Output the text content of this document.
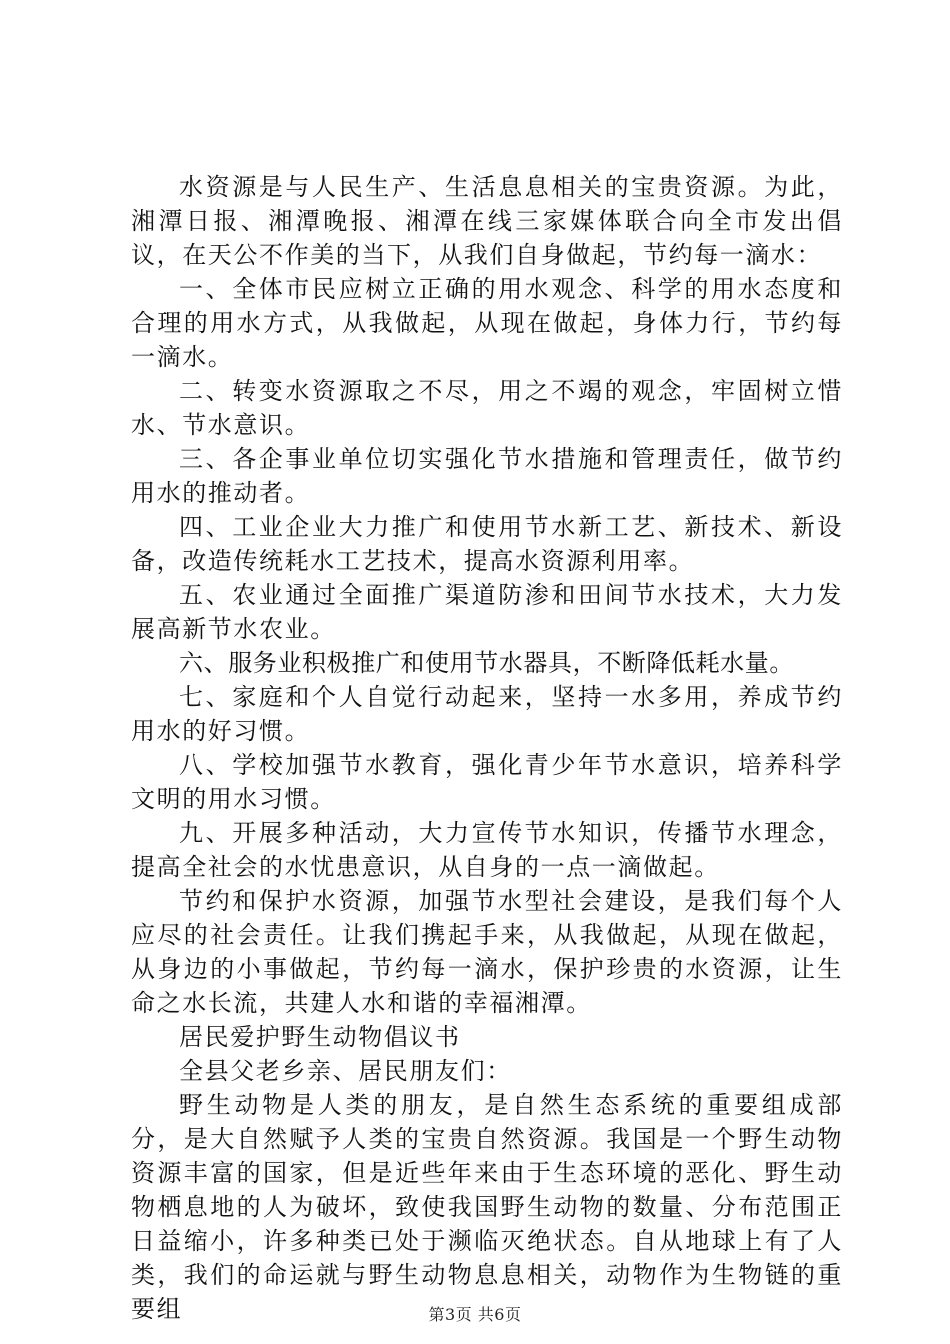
水资源是与人民生产、生活息息相关的宝贵资源。为此，湘潭日报、湘潭晚报、湘潭在线三家媒体联合向全市发出倡议，在天公不作美的当下，从我们自身做起，节约每一滴水：

一、全体市民应树立正确的用水观念、科学的用水态度和合理的用水方式，从我做起，从现在做起，身体力行，节约每一滴水。

二、转变水资源取之不尽，用之不竭的观念，牢固树立惜水、节水意识。

三、各企事业单位切实强化节水措施和管理责任，做节约用水的推动者。

四、工业企业大力推广和使用节水新工艺、新技术、新设备，改造传统耗水工艺技术，提高水资源利用率。

五、农业通过全面推广渠道防渗和田间节水技术，大力发展高新节水农业。

六、服务业积极推广和使用节水器具，不断降低耗水量。

七、家庭和个人自觉行动起来，坚持一水多用，养成节约用水的好习惯。

八、学校加强节水教育，强化青少年节水意识，培养科学文明的用水习惯。

九、开展多种活动，大力宣传节水知识，传播节水理念，提高全社会的水忧患意识，从自身的一点一滴做起。

节约和保护水资源，加强节水型社会建设，是我们每个人应尽的社会责任。让我们携起手来，从我做起，从现在做起，从身边的小事做起，节约每一滴水，保护珍贵的水资源，让生命之水长流，共建人水和谐的幸福湘潭。

居民爱护野生动物倡议书

全县父老乡亲、居民朋友们：

野生动物是人类的朋友，是自然生态系统的重要组成部分，是大自然赋予人类的宝贵自然资源。我国是一个野生动物资源丰富的国家，但是近些年来由于生态环境的恶化、野生动物栖息地的人为破坏，致使我国野生动物的数量、分布范围正日益缩小，许多种类已处于濒临灭绝状态。自从地球上有了人类，我们的命运就与野生动物息息相关，动物作为生物链的重要组	第3页 共6页
